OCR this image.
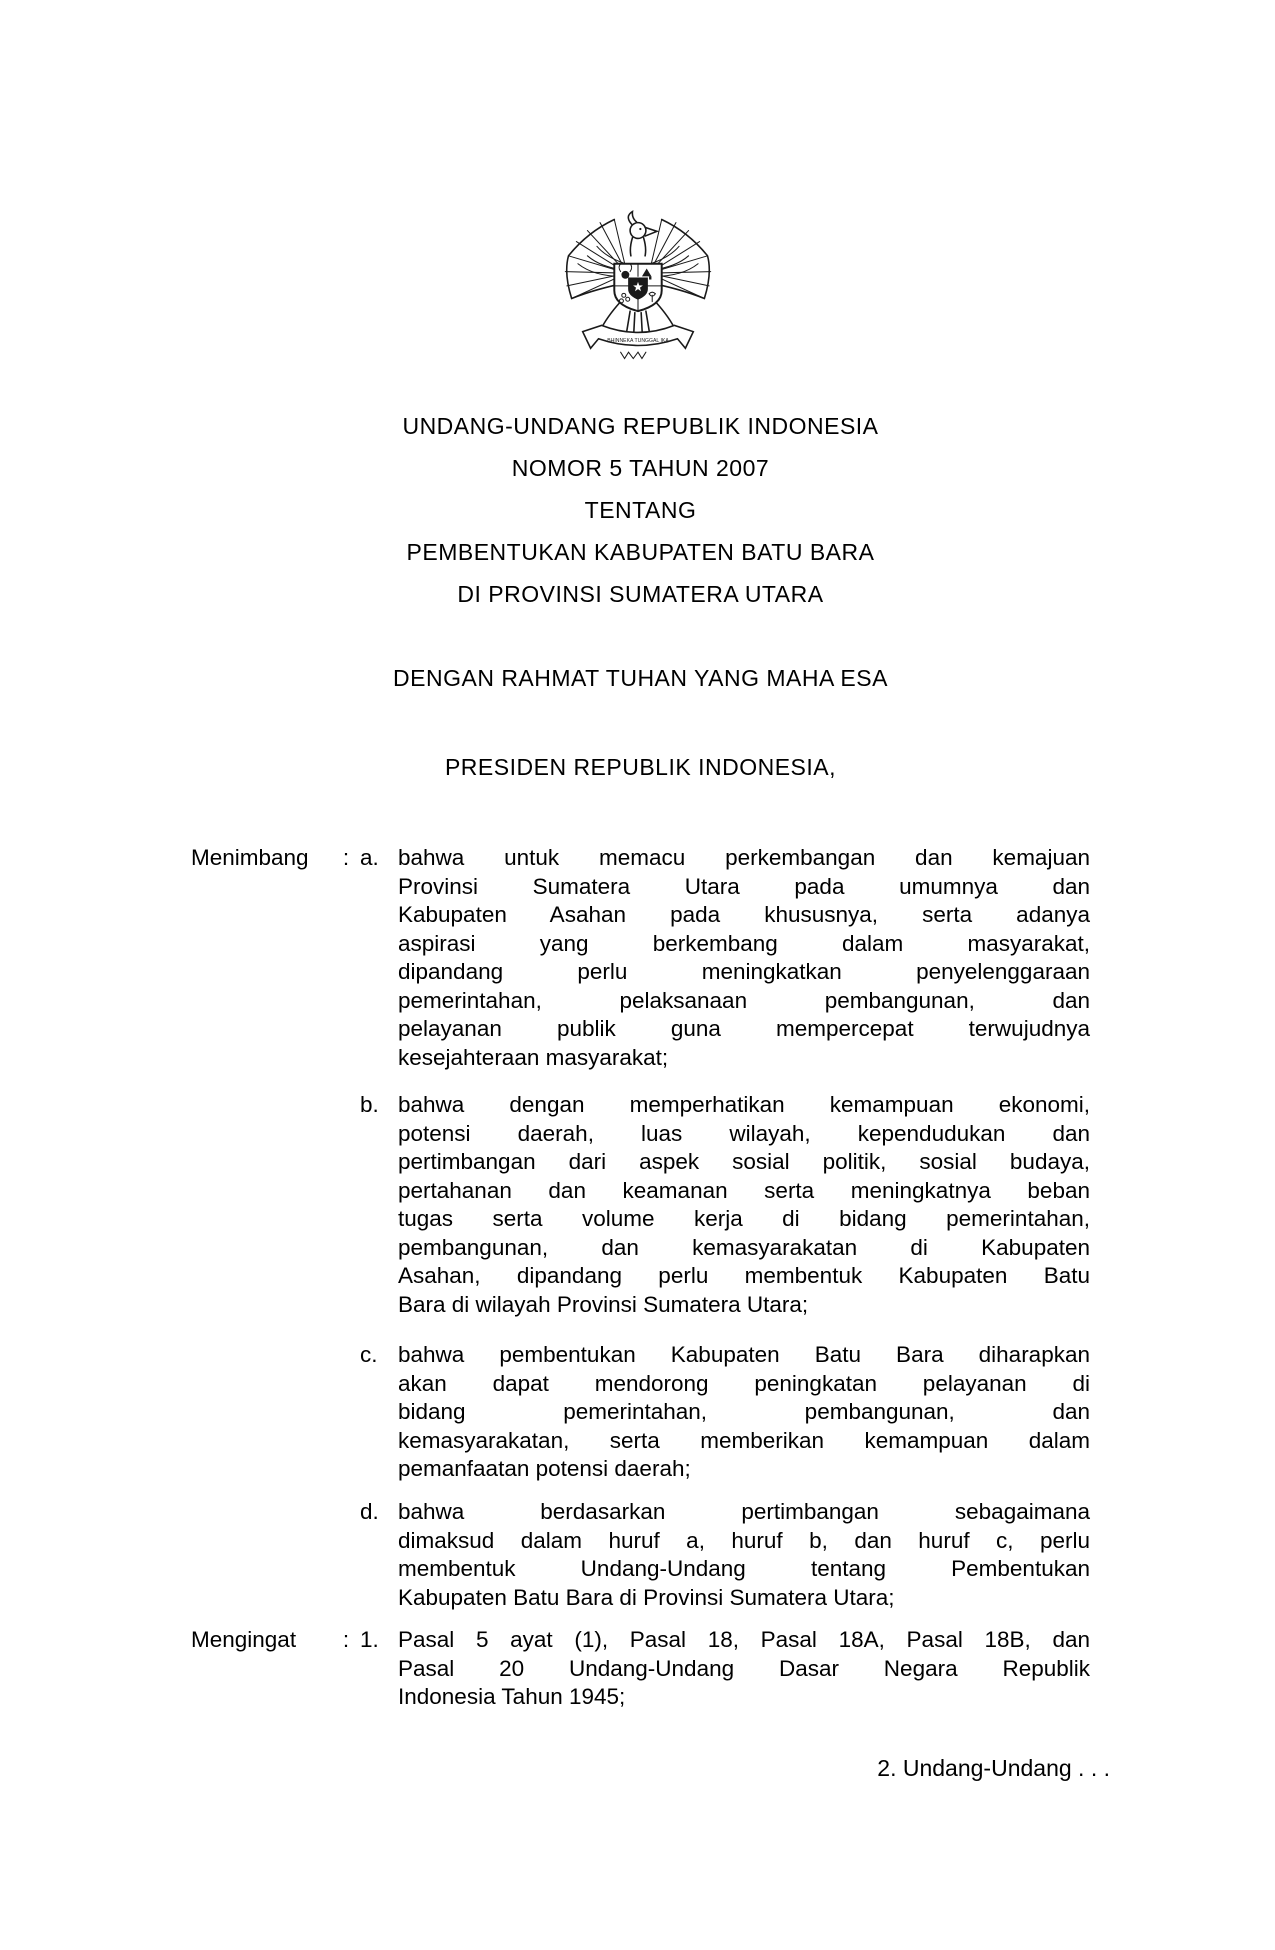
BHINNEKA TUNGGAL IKA
UNDANG-UNDANG REPUBLIK INDONESIA
NOMOR 5 TAHUN 2007
TENTANG
PEMBENTUKAN KABUPATEN BATU BARA
DI PROVINSI SUMATERA UTARA
DENGAN RAHMAT TUHAN YANG MAHA ESA
PRESIDEN REPUBLIK INDONESIA,
Menimbang	: a. bahwa untuk memacu perkembangan dan kemajuan
Provinsi Sumatera Utara pada umumnya dan
Kabupaten Asahan pada khususnya, serta adanya
aspirasi yang berkembang dalam masyarakat,
dipandang perlu meningkatkan penyelenggaraan
pemerintahan, pelaksanaan pembangunan, dan
pelayanan publik guna mempercepat terwujudnya
kesejahteraan masyarakat;
b. bahwa dengan memperhatikan kemampuan ekonomi,
potensi daerah, luas wilayah, kependudukan dan
pertimbangan dari aspek sosial politik, sosial budaya,
pertahanan dan keamanan serta meningkatnya beban
tugas serta volume kerja di bidang pemerintahan,
pembangunan, dan kemasyarakatan di Kabupaten
Asahan, dipandang perlu membentuk Kabupaten Batu
Bara di wilayah Provinsi Sumatera Utara;
c. bahwa pembentukan Kabupaten Batu Bara diharapkan
akan dapat mendorong peningkatan pelayanan di
bidang pemerintahan, pembangunan, dan
kemasyarakatan, serta memberikan kemampuan dalam
pemanfaatan potensi daerah;
d. bahwa berdasarkan pertimbangan sebagaimana
dimaksud dalam huruf a, huruf b, dan huruf c, perlu
membentuk Undang-Undang tentang Pembentukan
Kabupaten Batu Bara di Provinsi Sumatera Utara;
Mengingat	: 1. Pasal 5 ayat (1), Pasal 18, Pasal 18A, Pasal 18B, dan
Pasal 20 Undang-Undang Dasar Negara Republik
Indonesia Tahun 1945;
2. Undang-Undang . . .
